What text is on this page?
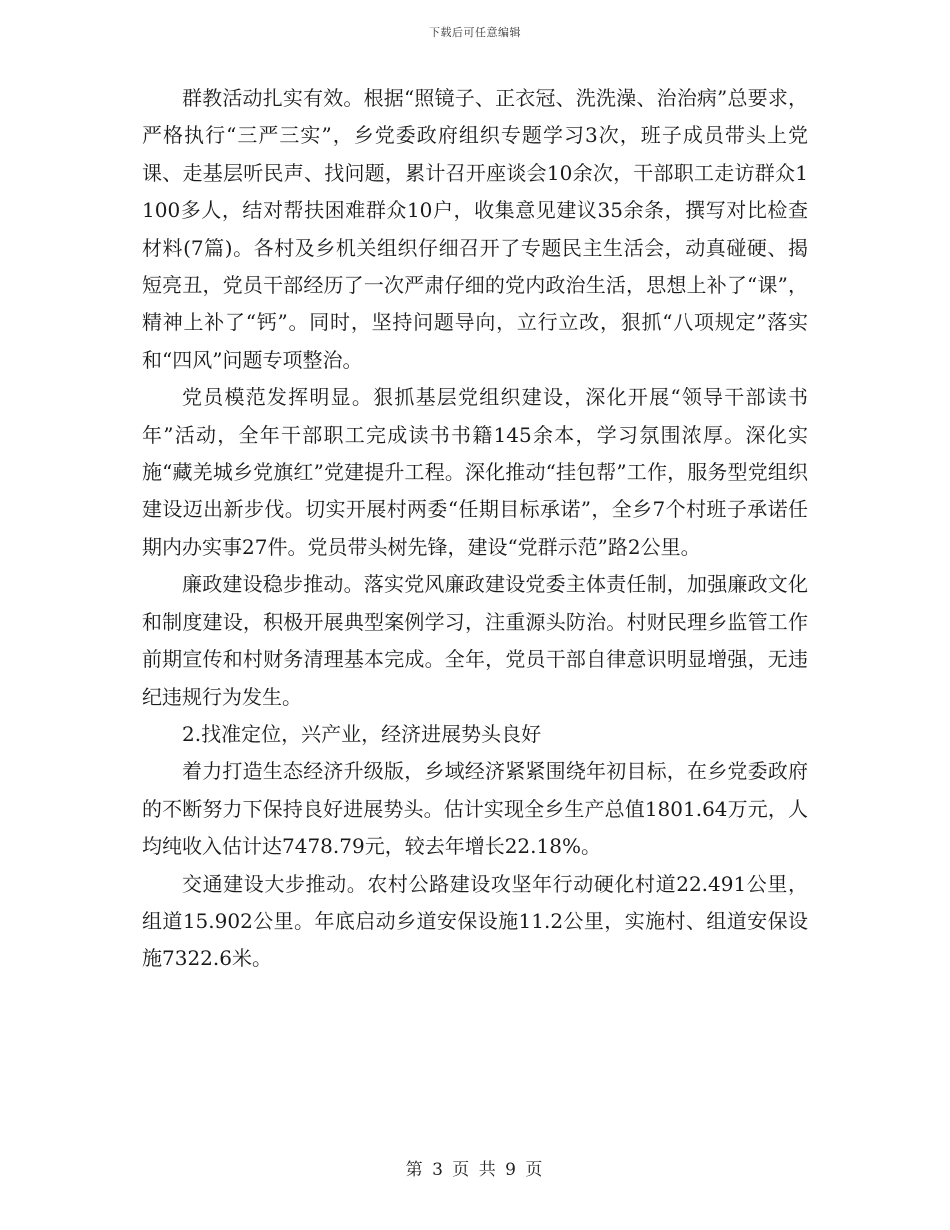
下载后可任意编辑

群教活动扎实有效。根据“照镜子、正衣冠、洗洗澡、治治病”总要求，严格执行“三严三实”，乡党委政府组织专题学习3次，班子成员带头上党课、走基层听民声、找问题，累计召开座谈会10余次，干部职工走访群众1100多人，结对帮扶困难群众10户，收集意见建议35余条，撰写对比检查材料(7篇)。各村及乡机关组织仔细召开了专题民主生活会，动真碰硬、揭短亮丑，党员干部经历了一次严肃仔细的党内政治生活，思想上补了“课”，精神上补了“钙”。同时，坚持问题导向，立行立改，狠抓“八项规定”落实和“四风”问题专项整治。

党员模范发挥明显。狠抓基层党组织建设，深化开展“领导干部读书年”活动，全年干部职工完成读书书籍145余本，学习氛围浓厚。深化实施“藏羌城乡党旗红”党建提升工程。深化推动“挂包帮”工作，服务型党组织建设迈出新步伐。切实开展村两委“任期目标承诺”，全乡7个村班子承诺任期内办实事27件。党员带头树先锋，建设“党群示范”路2公里。

廉政建设稳步推动。落实党风廉政建设党委主体责任制，加强廉政文化和制度建设，积极开展典型案例学习，注重源头防治。村财民理乡监管工作前期宣传和村财务清理基本完成。全年，党员干部自律意识明显增强，无违纪违规行为发生。

2.找准定位，兴产业，经济进展势头良好

着力打造生态经济升级版，乡域经济紧紧围绕年初目标，在乡党委政府的不断努力下保持良好进展势头。估计实现全乡生产总值1801.64万元，人均纯收入估计达7478.79元，较去年增长22.18%。

交通建设大步推动。农村公路建设攻坚年行动硬化村道22.491公里，组道15.902公里。年底启动乡道安保设施11.2公里，实施村、组道安保设施7322.6米。

第 3 页 共 9 页
